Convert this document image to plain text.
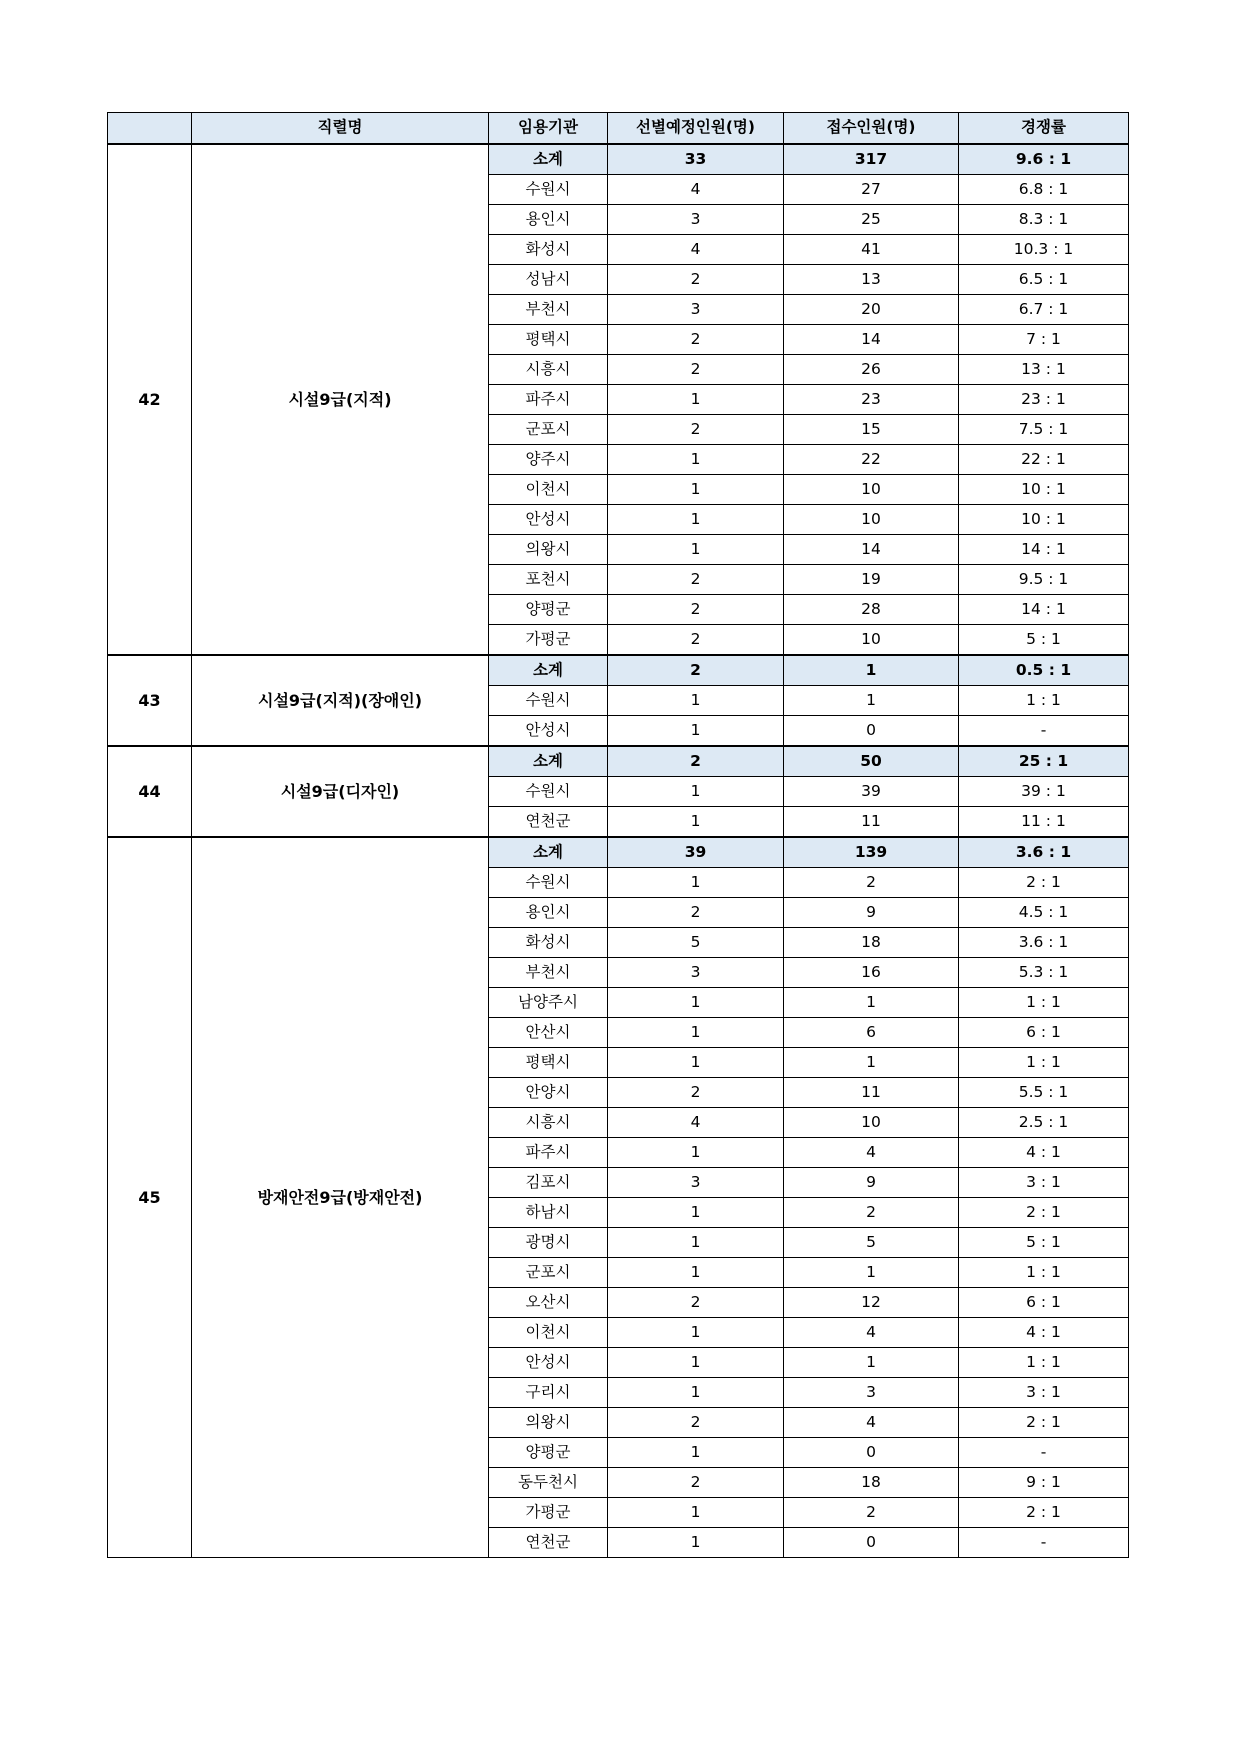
	직렬명	임용기관	선별예정인원(명)	접수인원(명)	경쟁률
42	시설9급(지적)	소계	33	317	9.6 : 1
		수원시	4	27	6.8 : 1
		용인시	3	25	8.3 : 1
		화성시	4	41	10.3 : 1
		성남시	2	13	6.5 : 1
		부천시	3	20	6.7 : 1
		평택시	2	14	7 : 1
		시흥시	2	26	13 : 1
		파주시	1	23	23 : 1
		군포시	2	15	7.5 : 1
		양주시	1	22	22 : 1
		이천시	1	10	10 : 1
		안성시	1	10	10 : 1
		의왕시	1	14	14 : 1
		포천시	2	19	9.5 : 1
		양평군	2	28	14 : 1
		가평군	2	10	5 : 1
43	시설9급(지적)(장애인)	소계	2	1	0.5 : 1
		수원시	1	1	1 : 1
		안성시	1	0	-
44	시설9급(디자인)	소계	2	50	25 : 1
		수원시	1	39	39 : 1
		연천군	1	11	11 : 1
45	방재안전9급(방재안전)	소계	39	139	3.6 : 1
		수원시	1	2	2 : 1
		용인시	2	9	4.5 : 1
		화성시	5	18	3.6 : 1
		부천시	3	16	5.3 : 1
		남양주시	1	1	1 : 1
		안산시	1	6	6 : 1
		평택시	1	1	1 : 1
		안양시	2	11	5.5 : 1
		시흥시	4	10	2.5 : 1
		파주시	1	4	4 : 1
		김포시	3	9	3 : 1
		하남시	1	2	2 : 1
		광명시	1	5	5 : 1
		군포시	1	1	1 : 1
		오산시	2	12	6 : 1
		이천시	1	4	4 : 1
		안성시	1	1	1 : 1
		구리시	1	3	3 : 1
		의왕시	2	4	2 : 1
		양평군	1	0	-
		동두천시	2	18	9 : 1
		가평군	1	2	2 : 1
		연천군	1	0	-
